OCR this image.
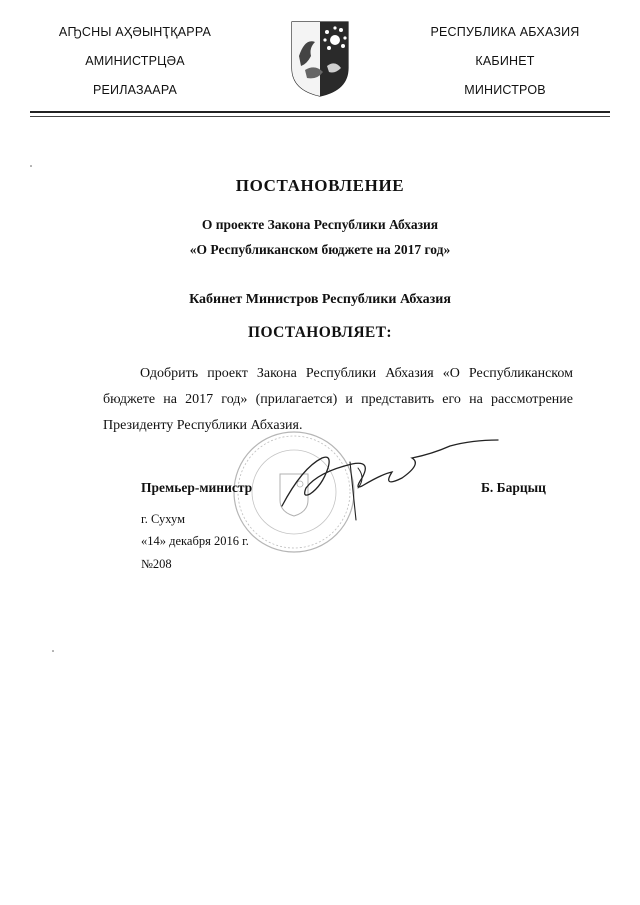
АҦСНЫ АҲӘЫНҬҚАРРА
АМИНИСТРЦӘА
РЕИЛАЗААРА
РЕСПУБЛИКА АБХАЗИЯ
КАБИНЕТ
МИНИСТРОВ
ПОСТАНОВЛЕНИЕ
О проекте Закона Республики Абхазия
«О Республиканском бюджете на 2017 год»
Кабинет Министров Республики Абхазия
ПОСТАНОВЛЯЕТ:
Одобрить проект Закона Республики Абхазия «О Республиканском бюджете на 2017 год» (прилагается) и представить его на рассмотрение Президенту Республики Абхазия.
Премьер-министр	Б. Барцыц
г. Сухум
«14» декабря 2016 г.
№208
